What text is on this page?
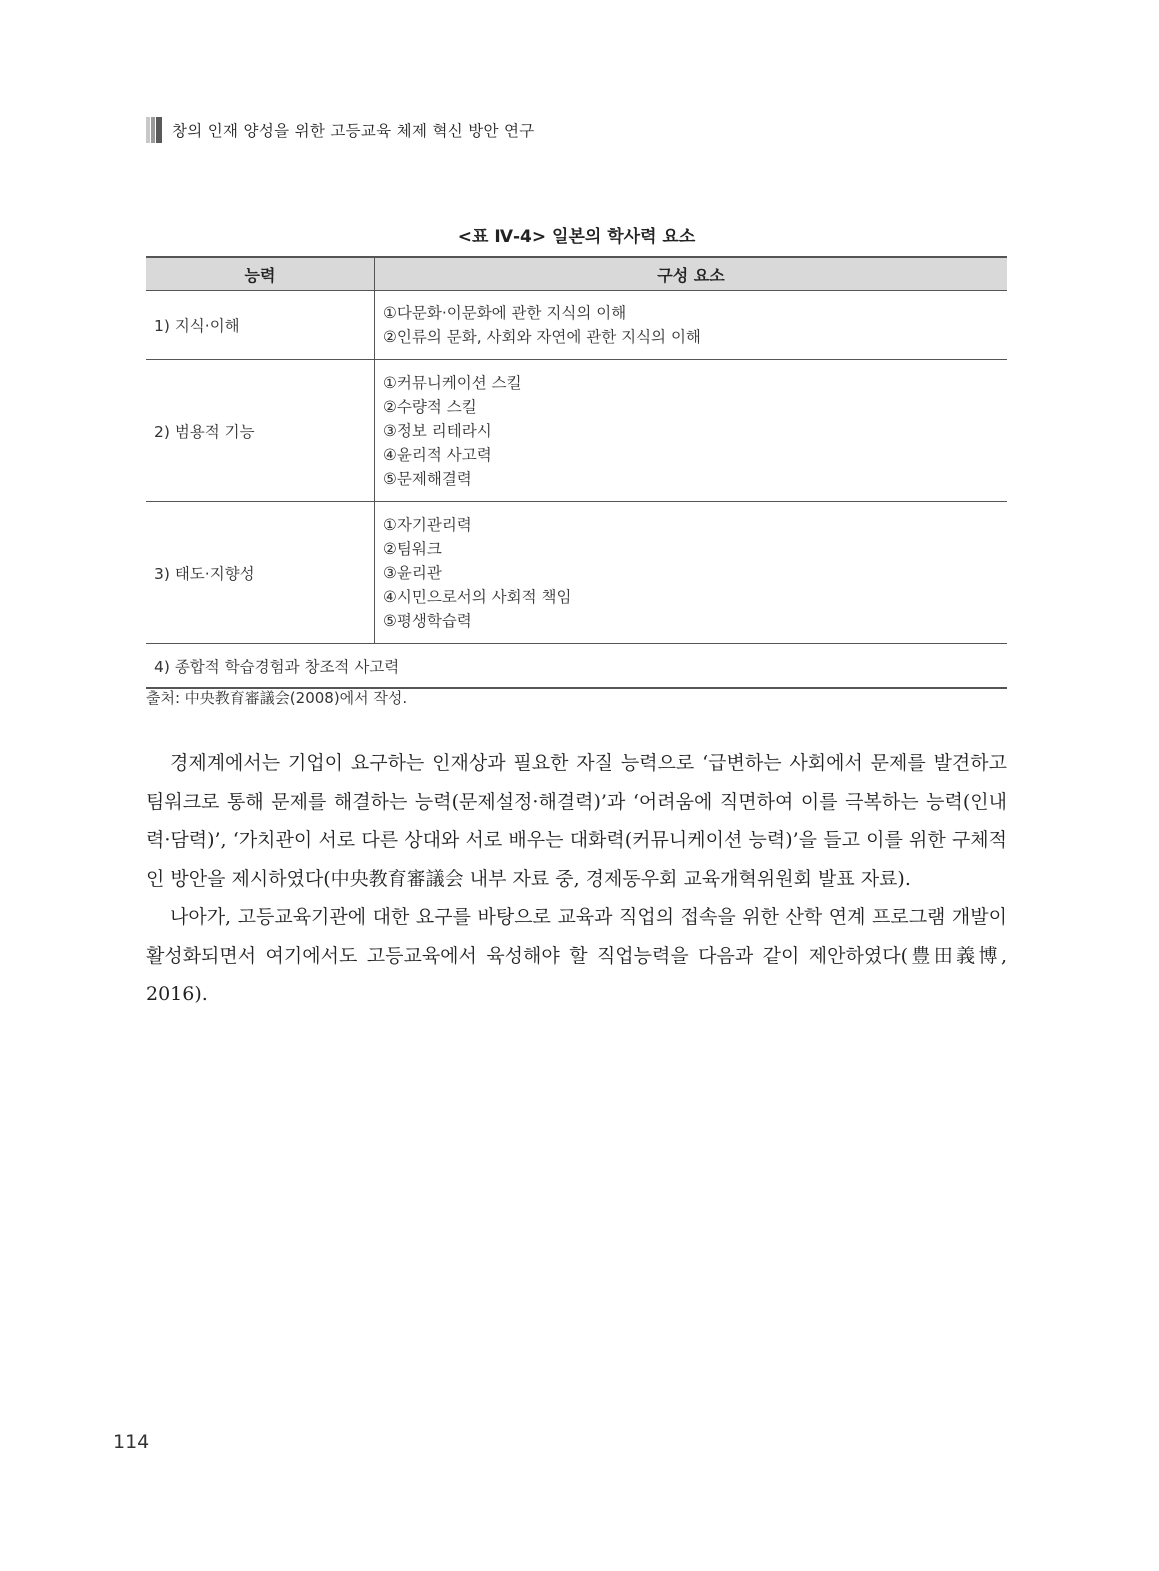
창의 인재 양성을 위한 고등교육 체제 혁신 방안 연구
<표 Ⅳ-4> 일본의 학사력 요소
능력	구성 요소
1) 지식·이해	①다문화·이문화에 관한 지식의 이해
②인류의 문화, 사회와 자연에 관한 지식의 이해

2) 범용적 기능	①커뮤니케이션 스킬
②수량적 스킬
③정보 리테라시
④윤리적 사고력
⑤문제해결력

3) 태도·지향성	①자기관리력
②팀워크
③윤리관
④시민으로서의 사회적 책임
⑤평생학습력

4) 종합적 학습경험과 창조적 사고력	
출처: 中央教育審議会(2008)에서 작성.

경제계에서는 기업이 요구하는 인재상과 필요한 자질 능력으로 ‘급변하는 사회에서 문제를 발견하고 팀워크로 통해 문제를 해결하는 능력(문제설정·해결력)’과 ‘어려움에 직면하여 이를 극복하는 능력(인내력·담력)’, ‘가치관이 서로 다른 상대와 서로 배우는 대화력(커뮤니케이션 능력)’을 들고 이를 위한 구체적인 방안을 제시하였다(中央教育審議会 내부 자료 중, 경제동우회 교육개혁위원회 발표 자료).

나아가, 고등교육기관에 대한 요구를 바탕으로 교육과 직업의 접속을 위한 산학 연계 프로그램 개발이 활성화되면서 여기에서도 고등교육에서 육성해야 할 직업능력을 다음과 같이 제안하였다(豊田義博, 2016).

114
